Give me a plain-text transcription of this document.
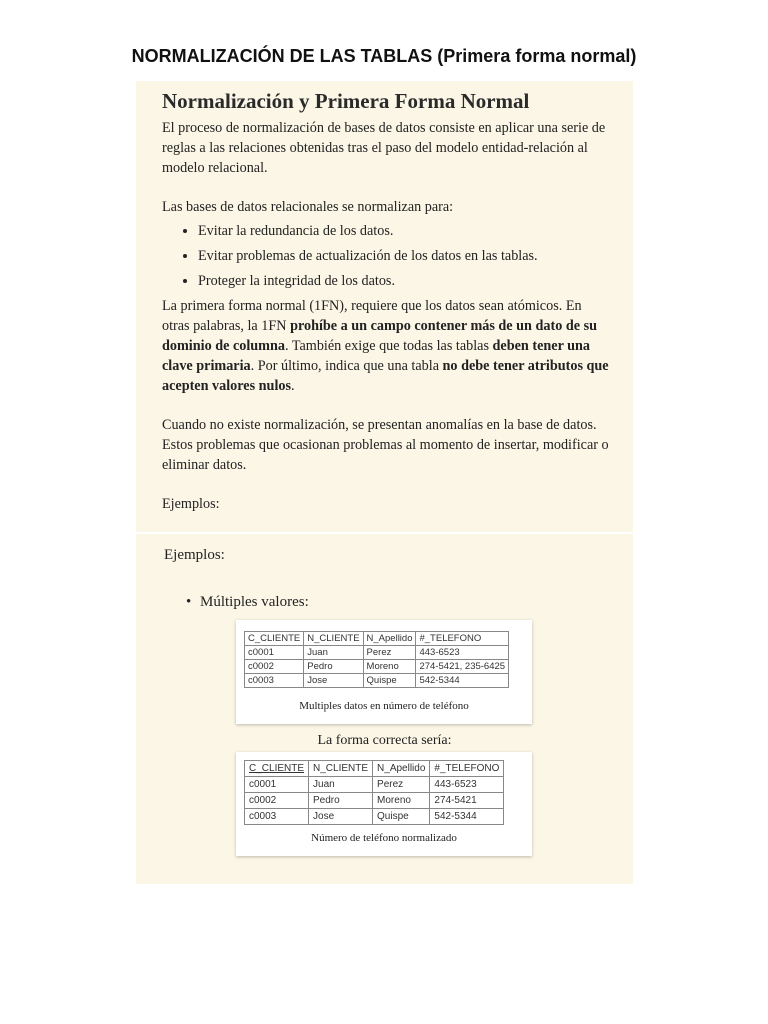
NORMALIZACIÓN DE LAS TABLAS (Primera forma normal)
Normalización y Primera Forma Normal

El proceso de normalización de bases de datos consiste en aplicar una serie de reglas a las relaciones obtenidas tras el paso del modelo entidad-relación al modelo relacional.

Las bases de datos relacionales se normalizan para:

• Evitar la redundancia de los datos.
• Evitar problemas de actualización de los datos en las tablas.
• Proteger la integridad de los datos.

La primera forma normal (1FN), requiere que los datos sean atómicos. En otras palabras, la 1FN prohíbe a un campo contener más de un dato de su dominio de columna. También exige que todas las tablas deben tener una clave primaria. Por último, indica que una tabla no debe tener atributos que acepten valores nulos.

Cuando no existe normalización, se presentan anomalías en la base de datos. Estos problemas que ocasionan problemas al momento de insertar, modificar o eliminar datos.

Ejemplos:

Ejemplos:
• Múltiples valores:
C_CLIENTE	N_CLIENTE	N_Apellido	#_TELEFONO
c0001	Juan	Perez	443-6523
c0002	Pedro	Moreno	274-5421, 235-6425
c0003	Jose	Quispe	542-5344
Multiples datos en número de teléfono
La forma correcta sería:
C_CLIENTE	N_CLIENTE	N_Apellido	#_TELEFONO
c0001	Juan	Perez	443-6523
c0002	Pedro	Moreno	274-5421
c0003	Jose	Quispe	542-5344
Número de teléfono normalizado
